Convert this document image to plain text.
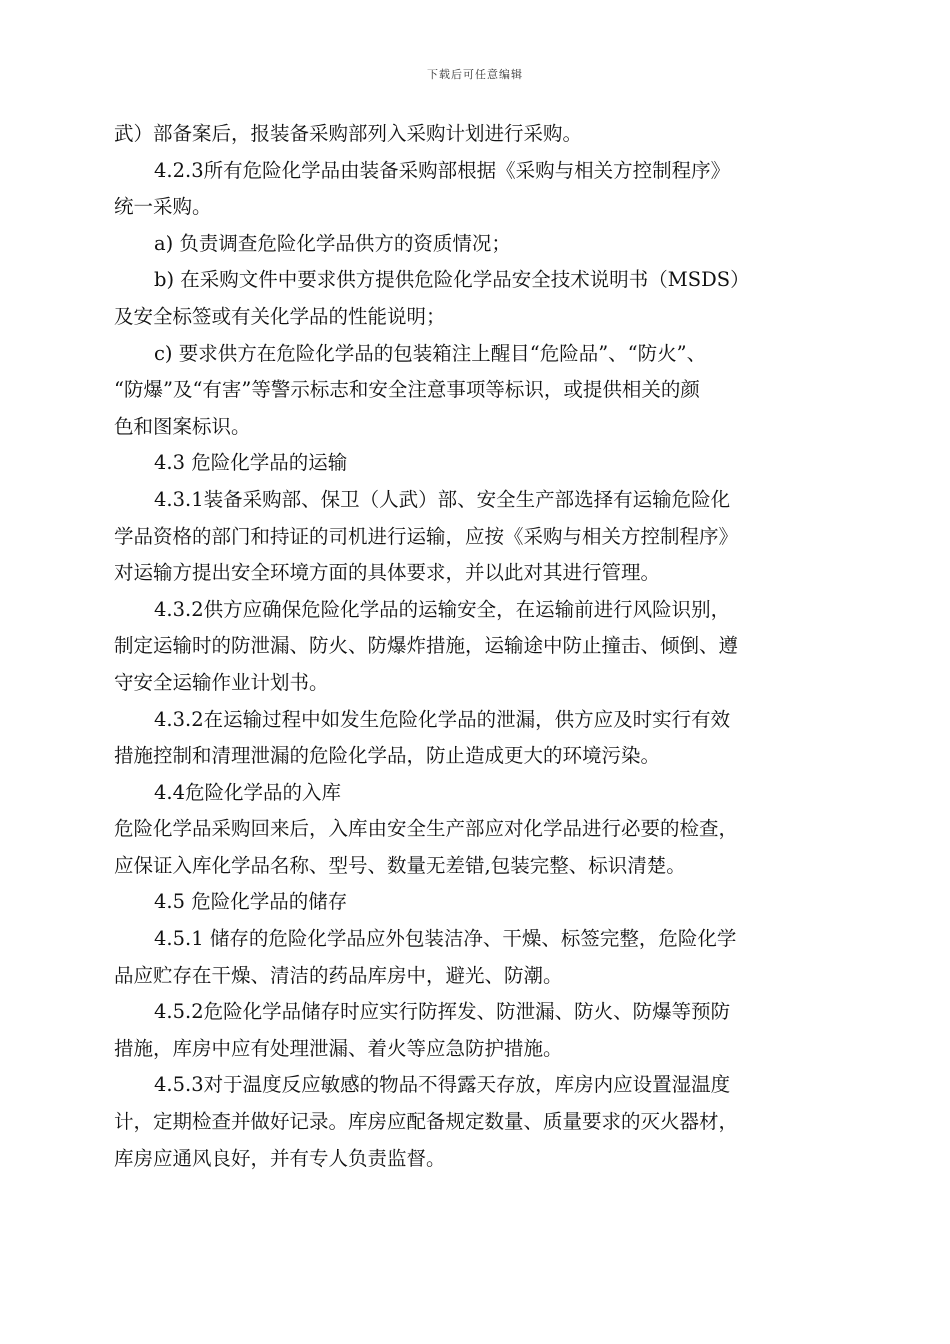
下载后可任意编辑

武）部备案后，报装备采购部列入采购计划进行采购。

4.2.3所有危险化学品由装备采购部根据《采购与相关方控制程序》

统一采购。

a) 负责调查危险化学品供方的资质情况；

b) 在采购文件中要求供方提供危险化学品安全技术说明书（MSDS）

及安全标签或有关化学品的性能说明；

c) 要求供方在危险化学品的包装箱注上醒目“危险品”、“防火”、

“防爆”及“有害”等警示标志和安全注意事项等标识，或提供相关的颜

色和图案标识。

4.3 危险化学品的运输

4.3.1装备采购部、保卫（人武）部、安全生产部选择有运输危险化

学品资格的部门和持证的司机进行运输，应按《采购与相关方控制程序》

对运输方提出安全环境方面的具体要求，并以此对其进行管理。

4.3.2供方应确保危险化学品的运输安全，在运输前进行风险识别，

制定运输时的防泄漏、防火、防爆炸措施，运输途中防止撞击、倾倒、遵

守安全运输作业计划书。

4.3.2在运输过程中如发生危险化学品的泄漏，供方应及时实行有效

措施控制和清理泄漏的危险化学品，防止造成更大的环境污染。

4.4危险化学品的入库

危险化学品采购回来后，入库由安全生产部应对化学品进行必要的检查，

应保证入库化学品名称、型号、数量无差错,包装完整、标识清楚。

4.5 危险化学品的储存

4.5.1 储存的危险化学品应外包装洁净、干燥、标签完整，危险化学

品应贮存在干燥、清洁的药品库房中，避光、防潮。

4.5.2危险化学品储存时应实行防挥发、防泄漏、防火、防爆等预防

措施，库房中应有处理泄漏、着火等应急防护措施。

4.5.3对于温度反应敏感的物品不得露天存放，库房内应设置湿温度

计，定期检查并做好记录。库房应配备规定数量、质量要求的灭火器材，

库房应通风良好，并有专人负责监督。
